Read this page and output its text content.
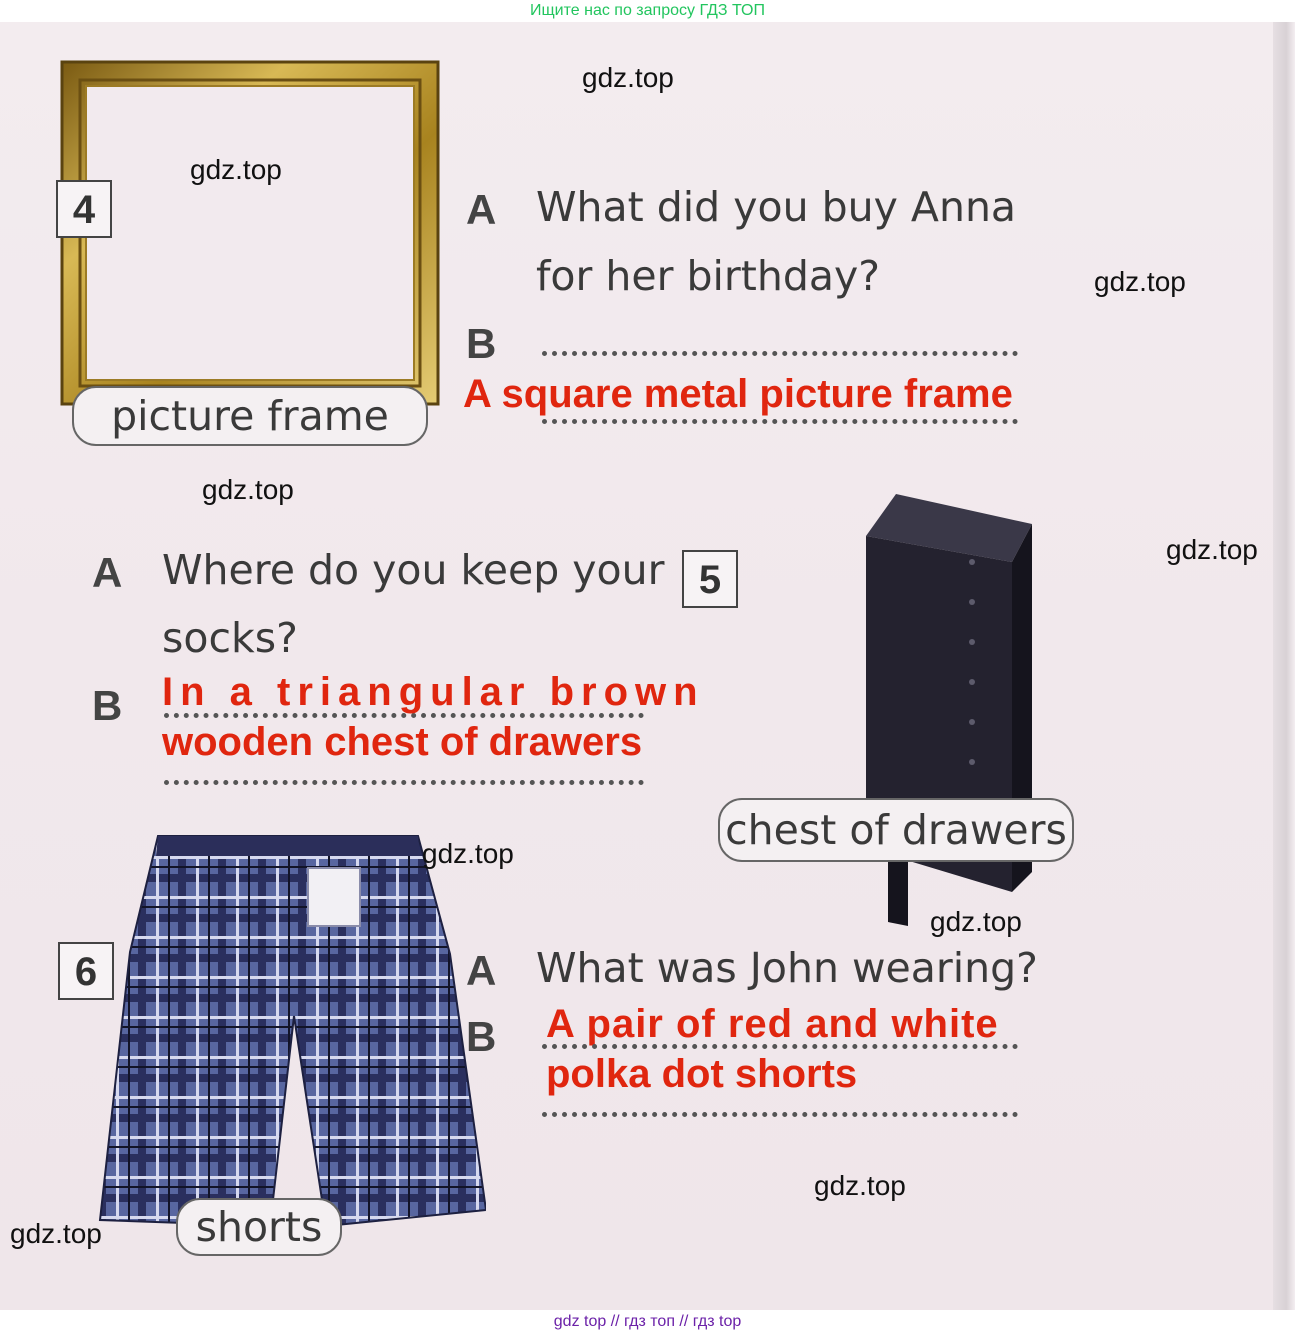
Ищите нас по запросу ГДЗ ТОП
4
picture frame
A What did you buy Anna
for her birthday?
B
A square metal picture frame
A Where do you keep your
socks?
B In a triangular brown
wooden chest of drawers
5
chest of drawers
6
shorts
A What was John wearing?
B A pair of red and white
polka dot shorts
gdz.top
gdz.top
gdz.top
gdz.top
gdz.top
gdz.top
gdz.top
gdz.top
gdz.top
gdz top // гдз топ // гдз top
